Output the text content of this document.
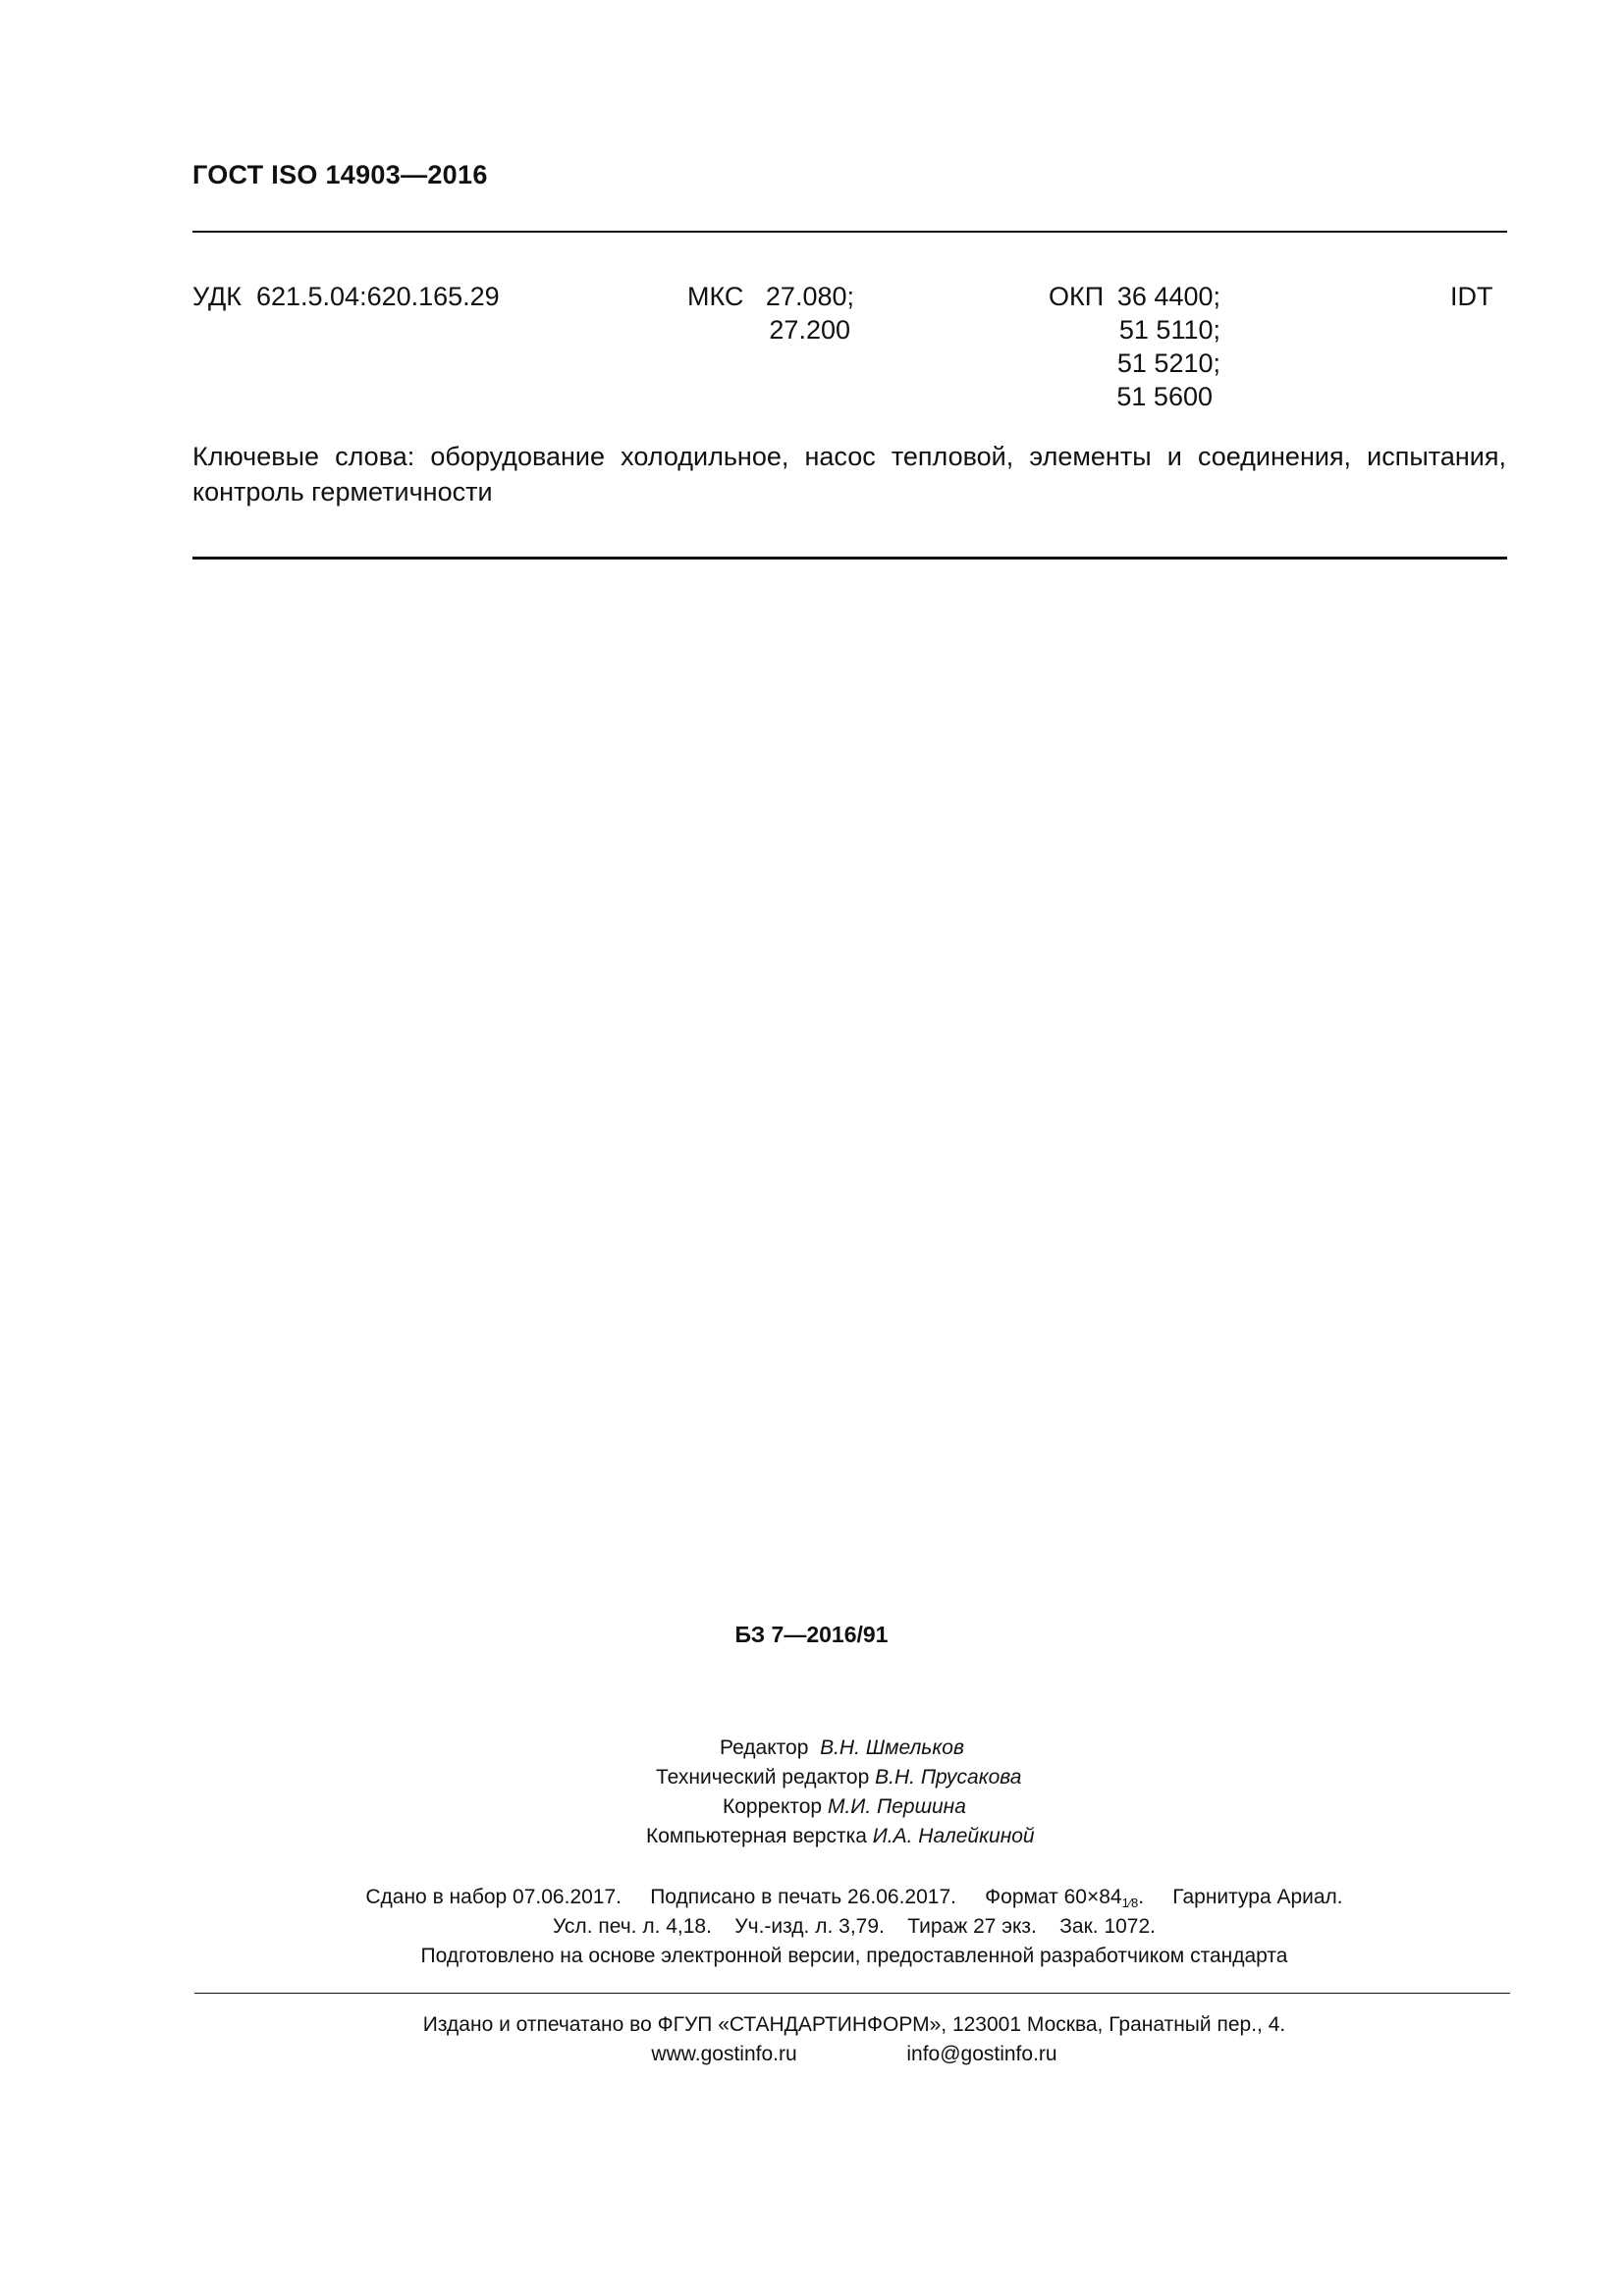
ГОСТ ISO 14903—2016
УДК 621.5.04:620.165.29	МКС 27.080;
27.200
ОКП 36 4400;
51 5110;
51 5210;
51 5600
IDT
Ключевые слова: оборудование холодильное, насос тепловой, элементы и соединения, испытания, контроль герметичности
БЗ 7—2016/91
Редактор В.Н. Шмельков
Технический редактор В.Н. Прусакова
Корректор М.И. Першина
Компьютерная верстка И.А. Налейкиной
Сдано в набор 07.06.2017. Подписано в печать 26.06.2017. Формат 60×841⁄8. Гарнитура Ариал.
Усл. печ. л. 4,18. Уч.-изд. л. 3,79. Тираж 27 экз. Зак. 1072.
Подготовлено на основе электронной версии, предоставленной разработчиком стандарта
Издано и отпечатано во ФГУП «СТАНДАРТИНФОРМ», 123001 Москва, Гранатный пер., 4.
www.gostinfo.ru	info@gostinfo.ru
